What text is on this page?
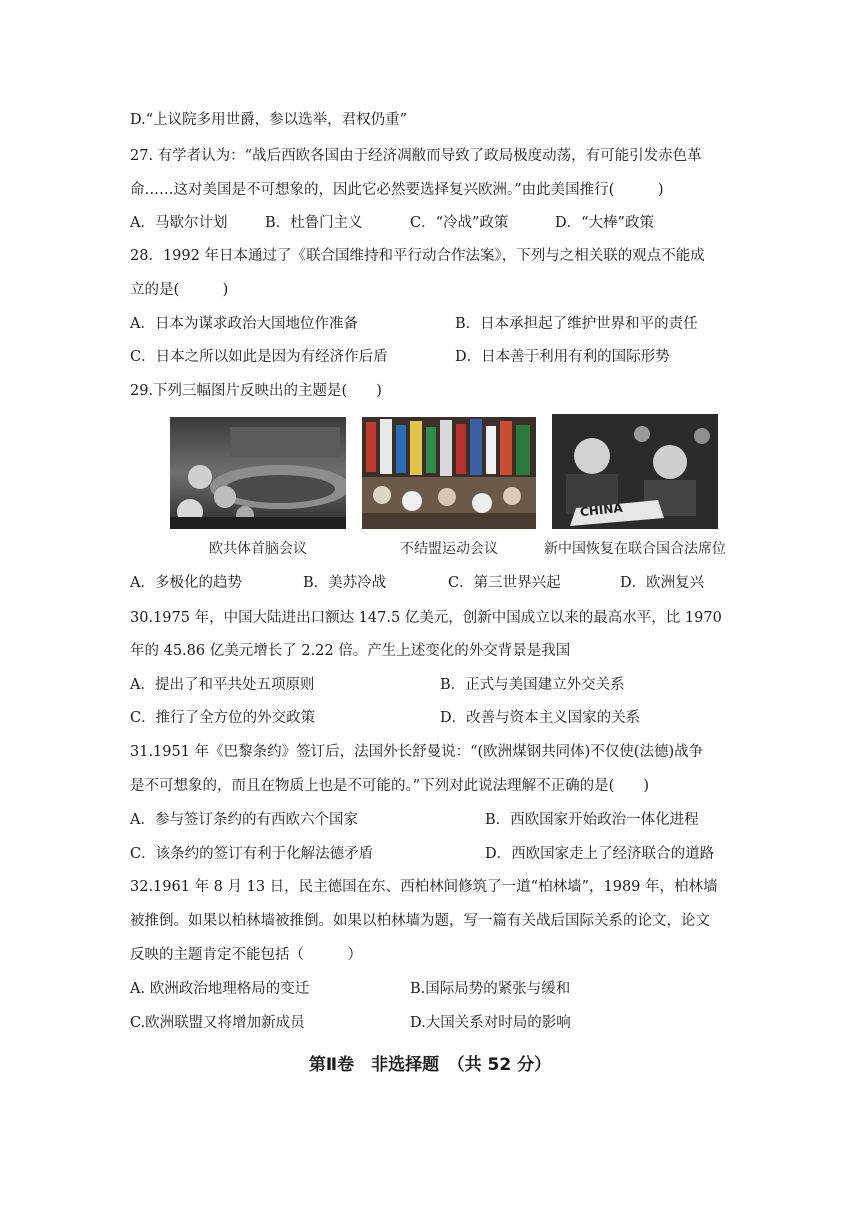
D.“上议院多用世爵，参以选举，君权仍重”
27. 有学者认为：“战后西欧各国由于经济凋敝而导致了政局极度动荡，有可能引发赤色革
命……这对美国是不可想象的，因此它必然要选择复兴欧洲。”由此美国推行(　　　)
A．马歇尔计划	B．杜鲁门主义	C．“冷战”政策	D．“大棒”政策
28．1992 年日本通过了《联合国维持和平行动合作法案》，下列与之相关联的观点不能成
立的是(　　　)
A．日本为谋求政治大国地位作准备	B．日本承担起了维护世界和平的责任
C．日本之所以如此是因为有经济作后盾	D．日本善于利用有利的国际形势
29.下列三幅图片反映出的主题是(　　)
CHINA
欧共体首脑会议	不结盟运动会议	新中国恢复在联合国合法席位
A．多极化的趋势	B．美苏冷战	C．第三世界兴起	D．欧洲复兴
30.1975 年，中国大陆进出口额达 147.5 亿美元，创新中国成立以来的最高水平，比 1970
年的 45.86 亿美元增长了 2.22 倍。产生上述变化的外交背景是我国
A．提出了和平共处五项原则	B．正式与美国建立外交关系
C．推行了全方位的外交政策	D．改善与资本主义国家的关系
31.1951 年《巴黎条约》签订后，法国外长舒曼说：“(欧洲煤钢共同体)不仅使(法德)战争
是不可想象的，而且在物质上也是不可能的。”下列对此说法理解不正确的是(　　)
A．参与签订条约的有西欧六个国家	B．西欧国家开始政治一体化进程
C．该条约的签订有利于化解法德矛盾	D．西欧国家走上了经济联合的道路
32.1961 年 8 月 13 日，民主德国在东、西柏林间修筑了一道“柏林墙”，1989 年，柏林墙
被推倒。如果以柏林墙被推倒。如果以柏林墙为题，写一篇有关战后国际关系的论文，论文
反映的主题肯定不能包括（　　　）
A. 欧洲政治地理格局的变迁	B.国际局势的紧张与缓和
C.欧洲联盟又将增加新成员	D.大国关系对时局的影响
第Ⅱ卷　非选择题　（共 52 分）
